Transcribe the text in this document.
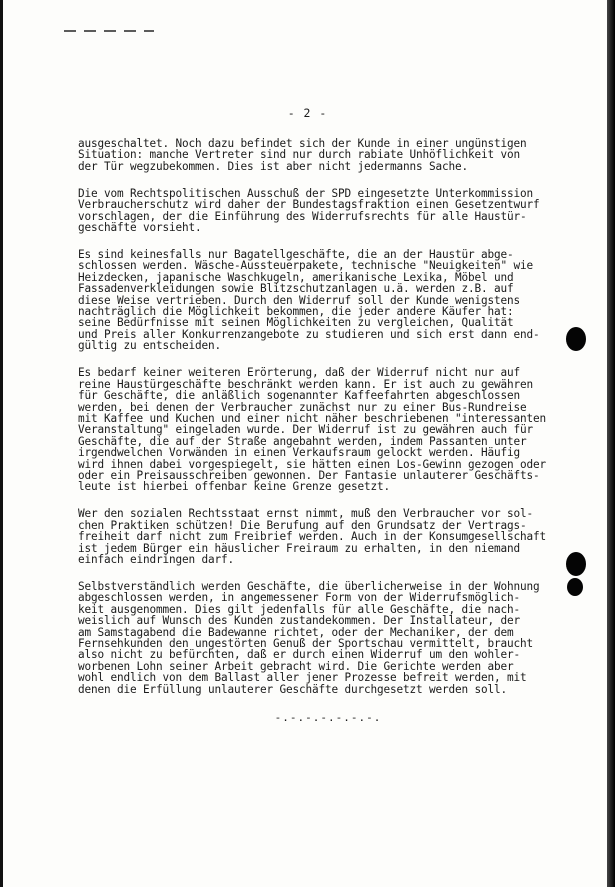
- 2 -

ausgeschaltet. Noch dazu befindet sich der Kunde in einer ungünstigen
Situation: manche Vertreter sind nur durch rabiate Unhöflichkeit von
der Tür wegzubekommen. Dies ist aber nicht jedermanns Sache.

Die vom Rechtspolitischen Ausschuß der SPD eingesetzte Unterkommission
Verbraucherschutz wird daher der Bundestagsfraktion einen Gesetzentwurf
vorschlagen, der die Einführung des Widerrufsrechts für alle Haustür-
geschäfte vorsieht.

Es sind keinesfalls nur Bagatellgeschäfte, die an der Haustür abge-
schlossen werden. Wäsche-Aussteuerpakete, technische "Neuigkeiten" wie
Heizdecken, japanische Waschkugeln, amerikanische Lexika, Möbel und
Fassadenverkleidungen sowie Blitzschutzanlagen u.ä. werden z.B. auf
diese Weise vertrieben. Durch den Widerruf soll der Kunde wenigstens
nachträglich die Möglichkeit bekommen, die jeder andere Käufer hat:
seine Bedürfnisse mit seinen Möglichkeiten zu vergleichen, Qualität
und Preis aller Konkurrenzangebote zu studieren und sich erst dann end-
gültig zu entscheiden.

Es bedarf keiner weiteren Erörterung, daß der Widerruf nicht nur auf
reine Haustürgeschäfte beschränkt werden kann. Er ist auch zu gewähren
für Geschäfte, die anläßlich sogenannter Kaffeefahrten abgeschlossen
werden, bei denen der Verbraucher zunächst nur zu einer Bus-Rundreise
mit Kaffee und Kuchen und einer nicht näher beschriebenen "interessanten
Veranstaltung" eingeladen wurde. Der Widerruf ist zu gewähren auch für
Geschäfte, die auf der Straße angebahnt werden, indem Passanten unter
irgendwelchen Vorwänden in einen Verkaufsraum gelockt werden. Häufig
wird ihnen dabei vorgespiegelt, sie hätten einen Los-Gewinn gezogen oder
oder ein Preisausschreiben gewonnen. Der Fantasie unlauterer Geschäfts-
leute ist hierbei offenbar keine Grenze gesetzt.

Wer den sozialen Rechtsstaat ernst nimmt, muß den Verbraucher vor sol-
chen Praktiken schützen! Die Berufung auf den Grundsatz der Vertrags-
freiheit darf nicht zum Freibrief werden. Auch in der Konsumgesellschaft
ist jedem Bürger ein häuslicher Freiraum zu erhalten, in den niemand
einfach eindringen darf.

Selbstverständlich werden Geschäfte, die überlicherweise in der Wohnung
abgeschlossen werden, in angemessener Form von der Widerrufsmöglich-
keit ausgenommen. Dies gilt jedenfalls für alle Geschäfte, die nach-
weislich auf Wunsch des Kunden zustandekommen. Der Installateur, der
am Samstagabend die Badewanne richtet, oder der Mechaniker, der dem
Fernsehkunden den ungestörten Genuß der Sportschau vermittelt, braucht
also nicht zu befürchten, daß er durch einen Widerruf um den wohler-
worbenen Lohn seiner Arbeit gebracht wird. Die Gerichte werden aber
wohl endlich von dem Ballast aller jener Prozesse befreit werden, mit
denen die Erfüllung unlauterer Geschäfte durchgesetzt werden soll.

-.-.-.-.-.-.-.
